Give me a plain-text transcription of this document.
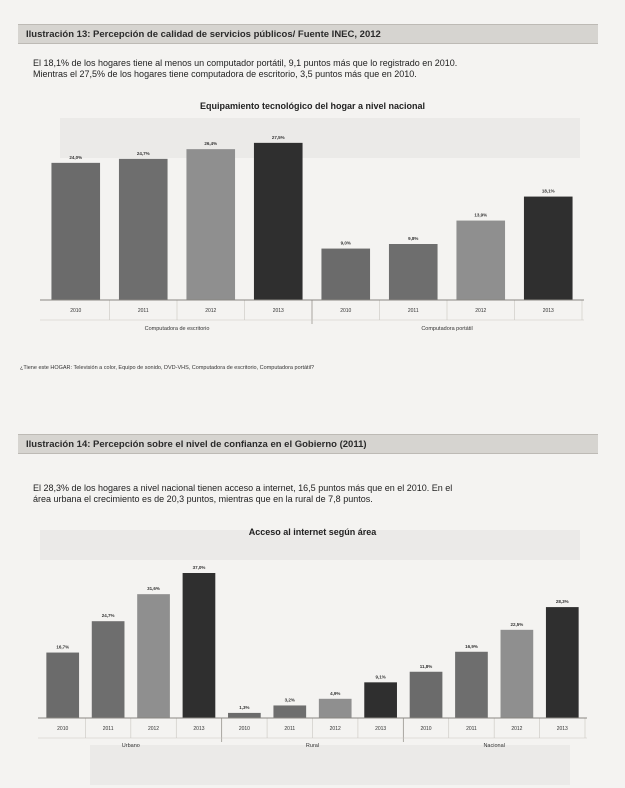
Ilustración 13: Percepción de calidad de servicios públicos/ Fuente INEC, 2012
El 18,1% de los hogares tiene al menos un computador portátil, 9,1 puntos más que lo registrado en 2010.
Mientras el 27,5% de los hogares tiene computadora de escritorio, 3,5 puntos más que en 2010.
Equipamiento tecnológico del hogar a nivel nacional
24,0%
2010
24,7%
2011
26,4%
2012
27,5%
2013
Computadora de escritorio
9,0%
2010
9,8%
2011
13,9%
2012
18,1%
2013
Computadora portátil
¿Tiene este HOGAR: Televisión a color, Equipo de sonido, DVD-VHS, Computadora de escritorio, Computadora portátil?
Ilustración 14: Percepción sobre el nivel de confianza en el Gobierno (2011)
El 28,3% de los hogares a nivel nacional tienen acceso a internet, 16,5 puntos más que en el 2010. En el
área urbana el crecimiento es de 20,3 puntos, mientras que en la rural de 7,8 puntos.
Acceso al internet según área
16,7%
2010
24,7%
2011
31,6%
2012
37,0%
2013
Urbano
1,3%
2010
3,2%
2011
4,9%
2012
9,1%
2013
Rural
11,8%
2010
16,9%
2011
22,5%
2012
28,3%
2013
Nacional
